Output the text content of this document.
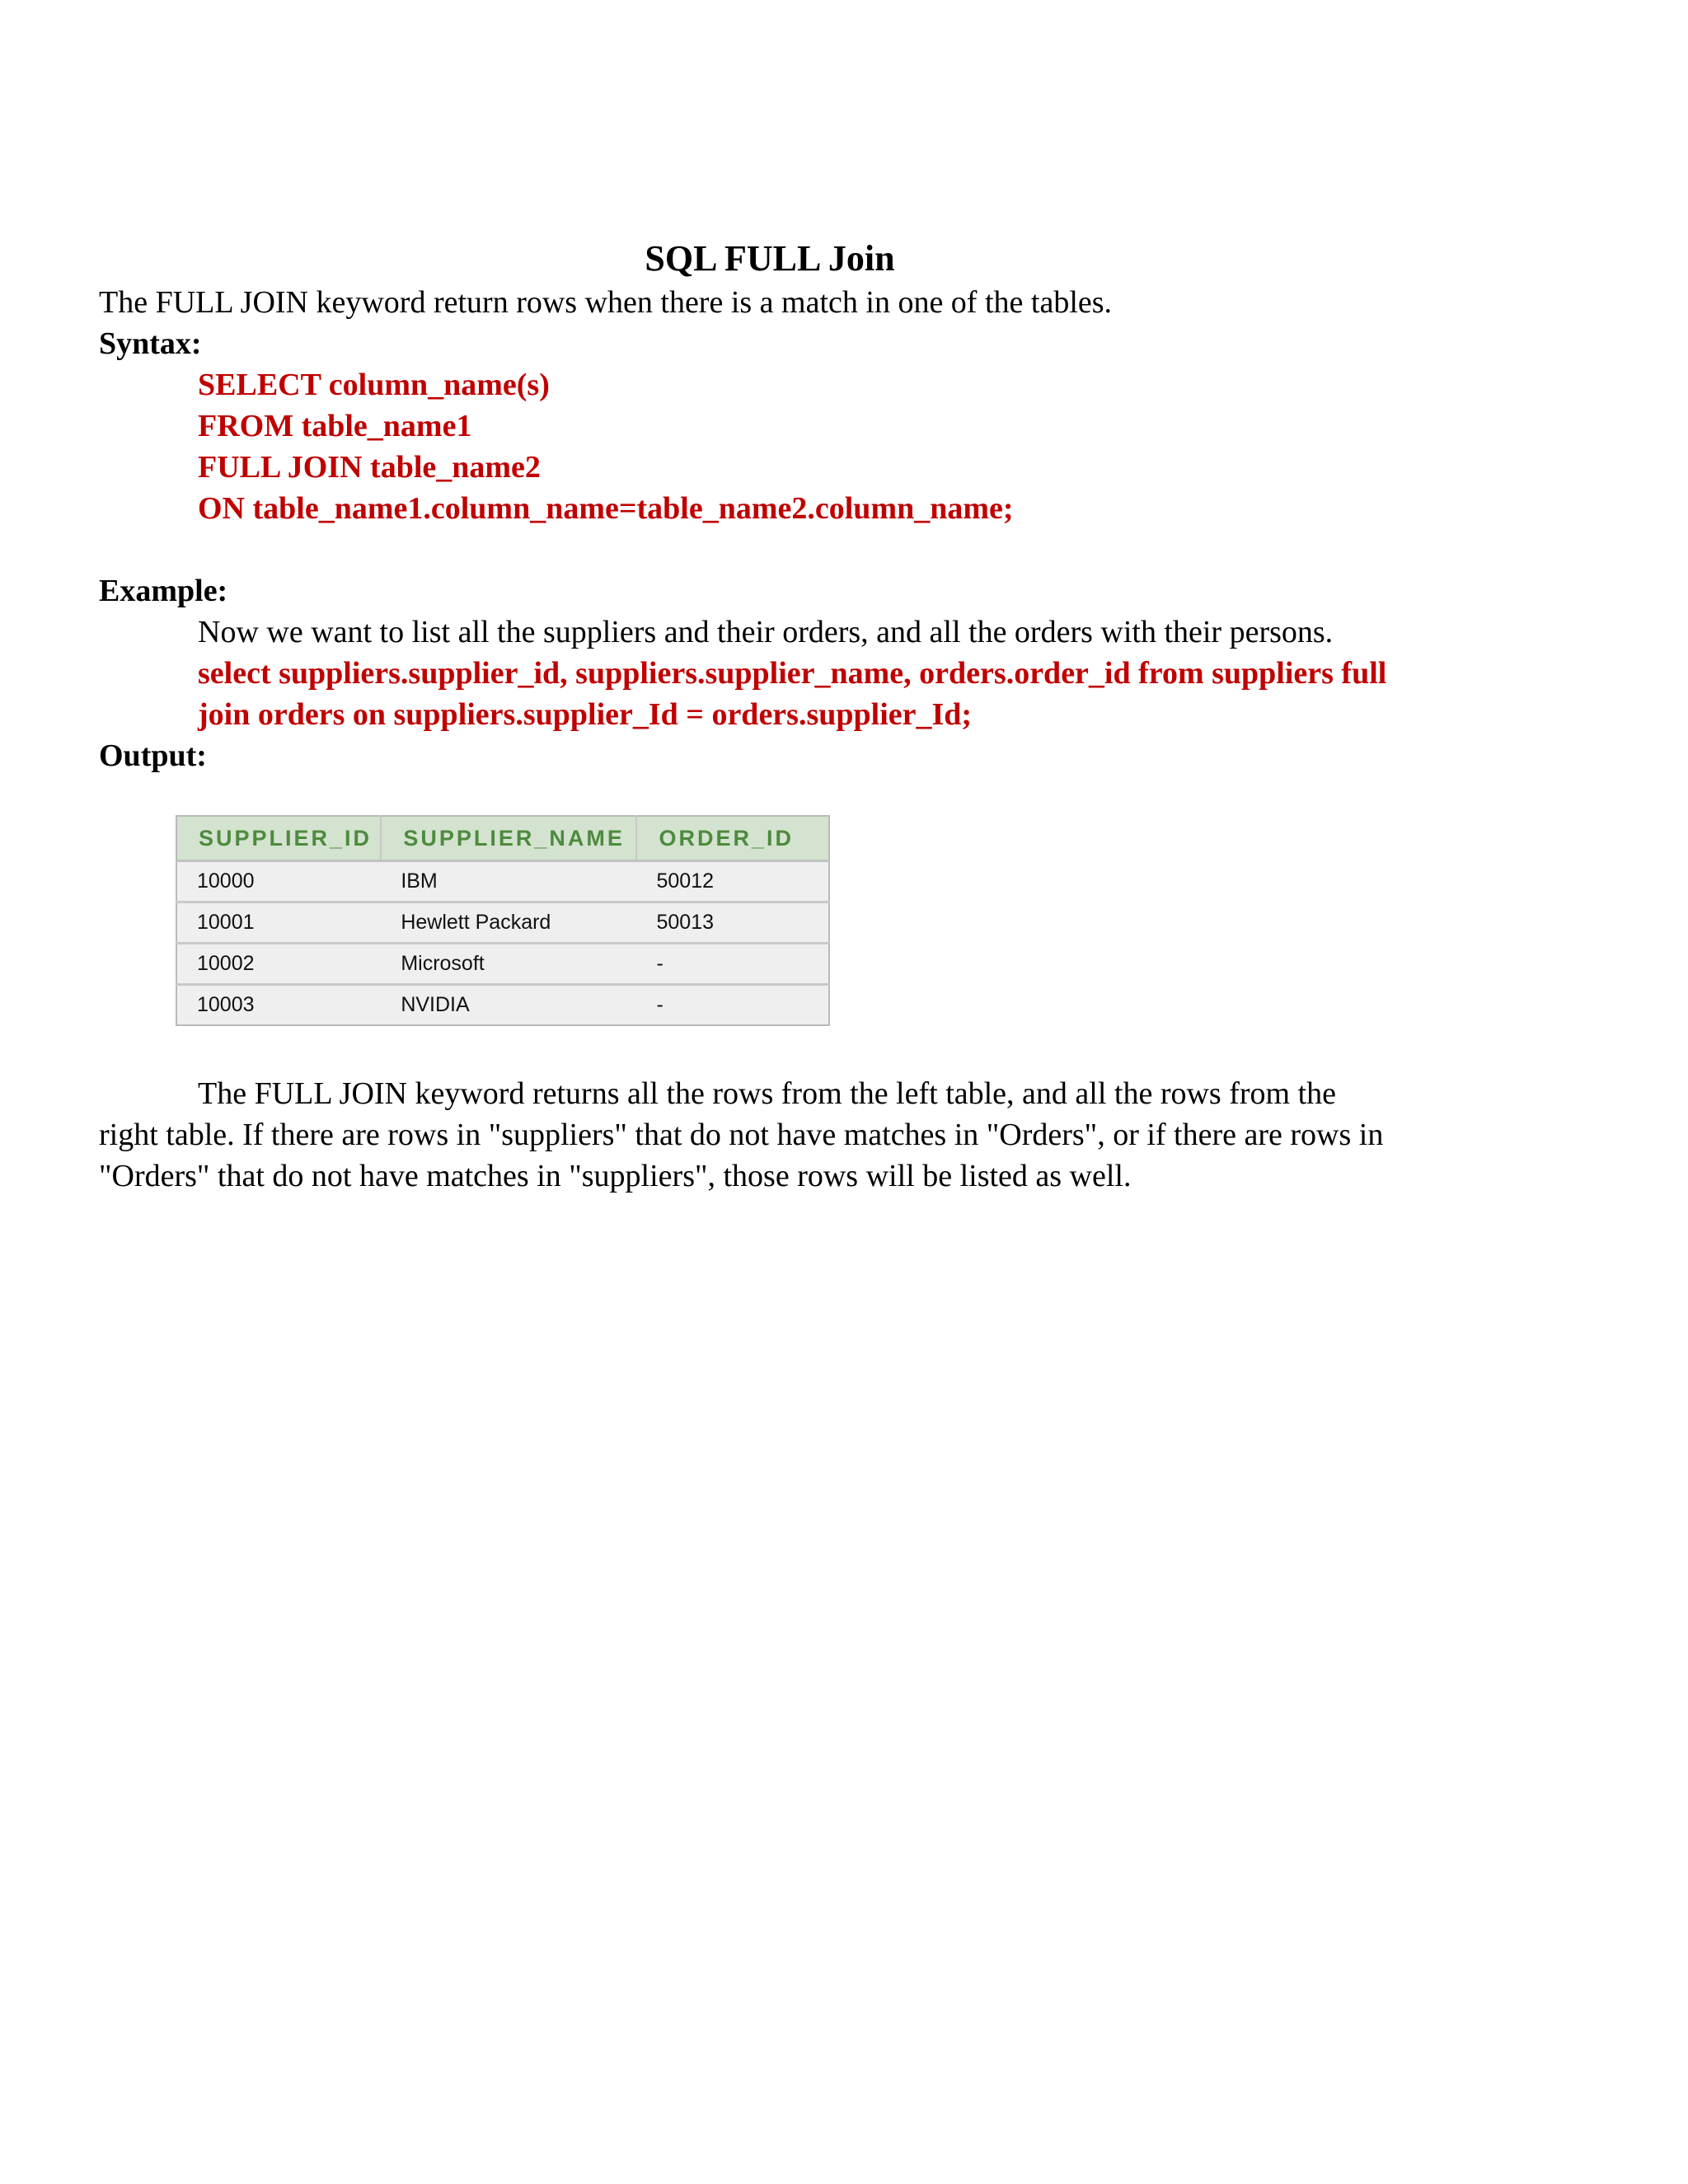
SQL FULL Join

The FULL JOIN keyword return rows when there is a match in one of the tables.

Syntax:

SELECT column_name(s)

FROM table_name1

FULL JOIN table_name2

ON table_name1.column_name=table_name2.column_name;

Example:

Now we want to list all the suppliers and their orders, and all the orders with their persons.

select suppliers.supplier_id, suppliers.supplier_name, orders.order_id from suppliers full

join orders on suppliers.supplier_Id = orders.supplier_Id;

Output:

SUPPLIER_ID	SUPPLIER_NAME	ORDER_ID
10000	IBM	50012
10001	Hewlett Packard	50013
10002	Microsoft	-
10003	NVIDIA	-

The FULL JOIN keyword returns all the rows from the left table, and all the rows from the

right table. If there are rows in "suppliers" that do not have matches in "Orders", or if there are rows in

"Orders" that do not have matches in "suppliers", those rows will be listed as well.
